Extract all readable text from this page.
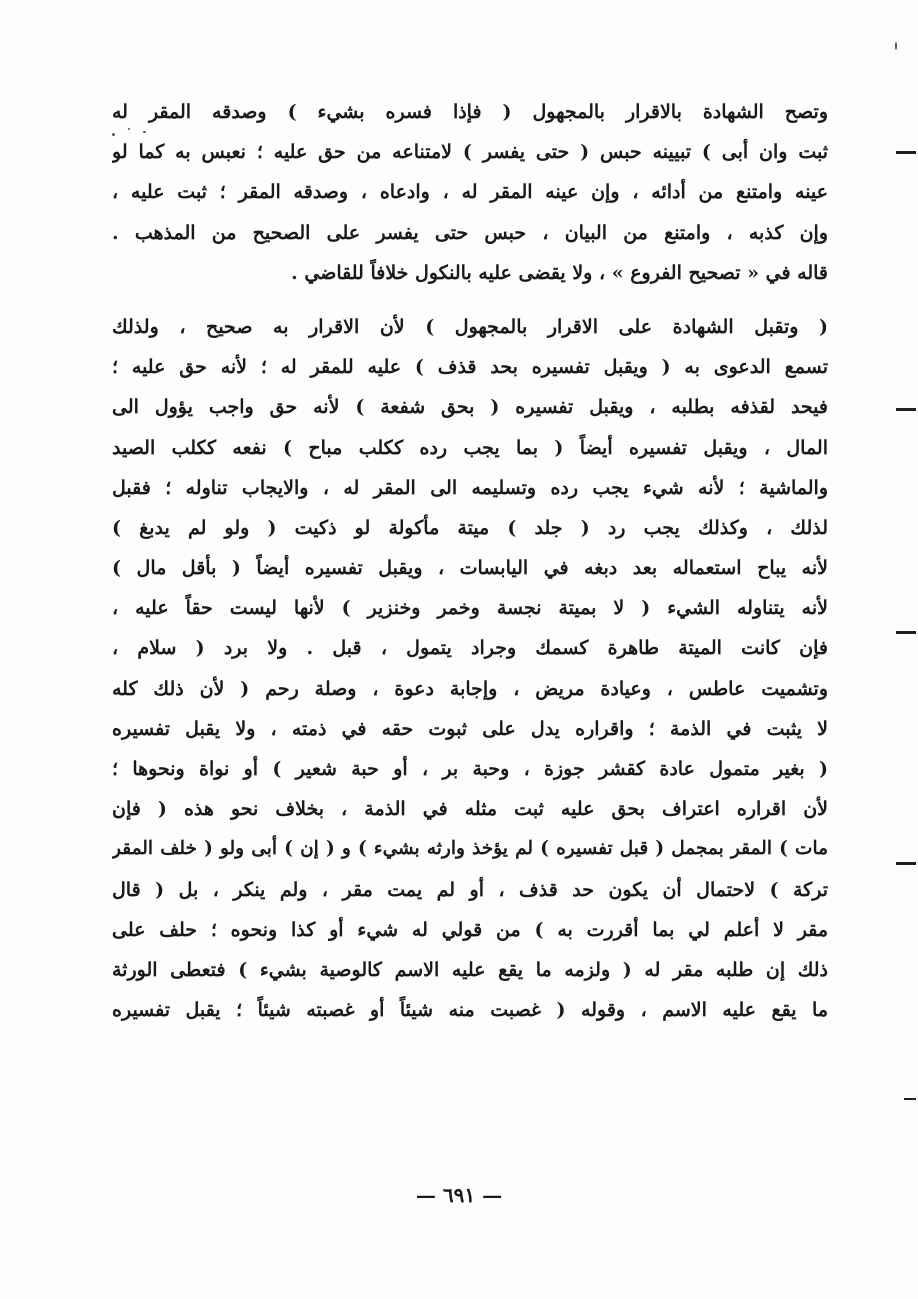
وتصح الشهادة بالاقرار بالمجهول ( فإذا فسره بشيء ) وصدقه المقر له
ثبت وان أبى ) تبيينه حبس ( حتى يفسر ) لامتناعه من حق عليه ؛ نعبس به كما لو
عينه وامتنع من أدائه ، وإن عينه المقر له ، وادعاه ، وصدقه المقر ؛ ثبت عليه ،
وإن كذبه ، وامتنع من البيان ، حبس حتى يفسر على الصحيح من المذهب .
قاله في « تصحيح الفروع » ، ولا يقضى عليه بالنكول خلافاً للقاضي .
( وتقبل الشهادة على الاقرار بالمجهول ) لأن الاقرار به صحيح ، ولذلك
تسمع الدعوى به ( ويقبل تفسيره بحد قذف ) عليه للمقر له ؛ لأنه حق عليه ؛
فيحد لقذفه بطلبه ، ويقبل تفسيره ( بحق شفعة ) لأنه حق واجب يؤول الى
المال ، ويقبل تفسيره أيضاً ( بما يجب رده ككلب مباح ) نفعه ككلب الصيد
والماشية ؛ لأنه شيء يجب رده وتسليمه الى المقر له ، والايجاب تناوله ؛ فقبل
لذلك ، وكذلك يجب رد ( جلد ) ميتة مأكولة لو ذكيت ( ولو لم يدبغ )
لأنه يباح استعماله بعد دبغه في اليابسات ، ويقبل تفسيره أيضاً ( بأقل مال )
لأنه يتناوله الشيء ( لا بميتة نجسة وخمر وخنزير ) لأنها ليست حقاً عليه ،
فإن كانت الميتة طاهرة كسمك وجراد يتمول ، قبل . ولا برد ( سلام ،
وتشميت عاطس ، وعيادة مريض ، وإجابة دعوة ، وصلة رحم ( لأن ذلك كله
لا يثبت في الذمة ؛ واقراره يدل على ثبوت حقه في ذمته ، ولا يقبل تفسيره
( بغير متمول عادة كقشر جوزة ، وحبة بر ، أو حبة شعير ) أو نواة ونحوها ؛
لأن اقراره اعتراف بحق عليه ثبت مثله في الذمة ، بخلاف نحو هذه ( فإن
مات ) المقر بمجمل ( قبل تفسيره ) لم يؤخذ وارثه بشيء ) و ( إن ) أبى ولو ( خلف المقر
تركة ) لاحتمال أن يكون حد قذف ، أو لم يمت مقر ، ولم ينكر ، بل ( قال
مقر لا أعلم لي بما أقررت به ) من قولي له شيء أو كذا ونحوه ؛ حلف على
ذلك إن طلبه مقر له ( ولزمه ما يقع عليه الاسم كالوصية بشيء ) فتعطى الورثة
ما يقع عليه الاسم ، وقوله ( غصبت منه شيئاً أو غصبته شيئاً ؛ يقبل تفسيره
— ٦٩١ —
